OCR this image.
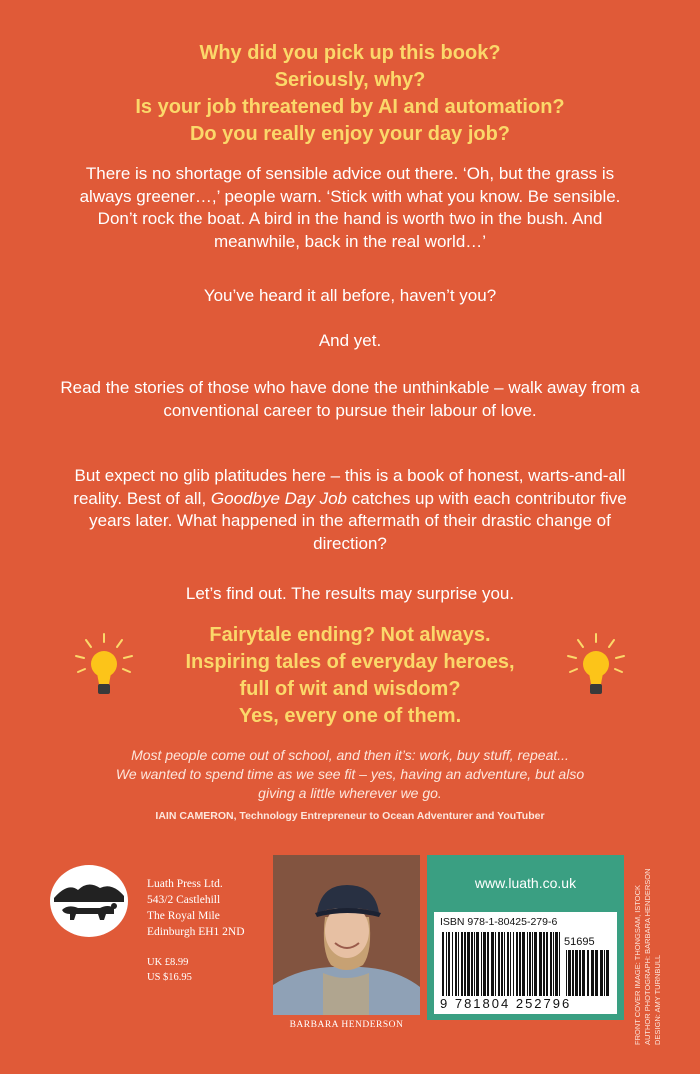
Why did you pick up this book?
Seriously, why?
Is your job threatened by AI and automation?
Do you really enjoy your day job?
There is no shortage of sensible advice out there. ‘Oh, but the grass is always greener…,’ people warn. ‘Stick with what you know. Be sensible. Don’t rock the boat. A bird in the hand is worth two in the bush. And meanwhile, back in the real world…’
You’ve heard it all before, haven’t you?
And yet.
Read the stories of those who have done the unthinkable – walk away from a conventional career to pursue their labour of love.
But expect no glib platitudes here – this is a book of honest, warts-and-all reality. Best of all, Goodbye Day Job catches up with each contributor five years later. What happened in the aftermath of their drastic change of direction?
Let’s find out. The results may surprise you.
Fairytale ending? Not always.
Inspiring tales of everyday heroes,
full of wit and wisdom?
Yes, every one of them.
Most people come out of school, and then it’s: work, buy stuff, repeat...
We wanted to spend time as we see fit – yes, having an adventure, but also
giving a little wherever we go.
IAIN CAMERON, Technology Entrepreneur to Ocean Adventurer and YouTuber
Luath Press Ltd.
543/2 Castlehill
The Royal Mile
Edinburgh EH1 2ND
UK £8.99
US $16.95
BARBARA HENDERSON
www.luath.co.uk
ISBN 978-1-80425-279-6
51695
9 781804 252796	FRONT COVER IMAGE: THONGSAM, ISTOCK AUTHOR PHOTOGRAPH: BARBARA HENDERSON DESIGN: AMY TURNBULL
